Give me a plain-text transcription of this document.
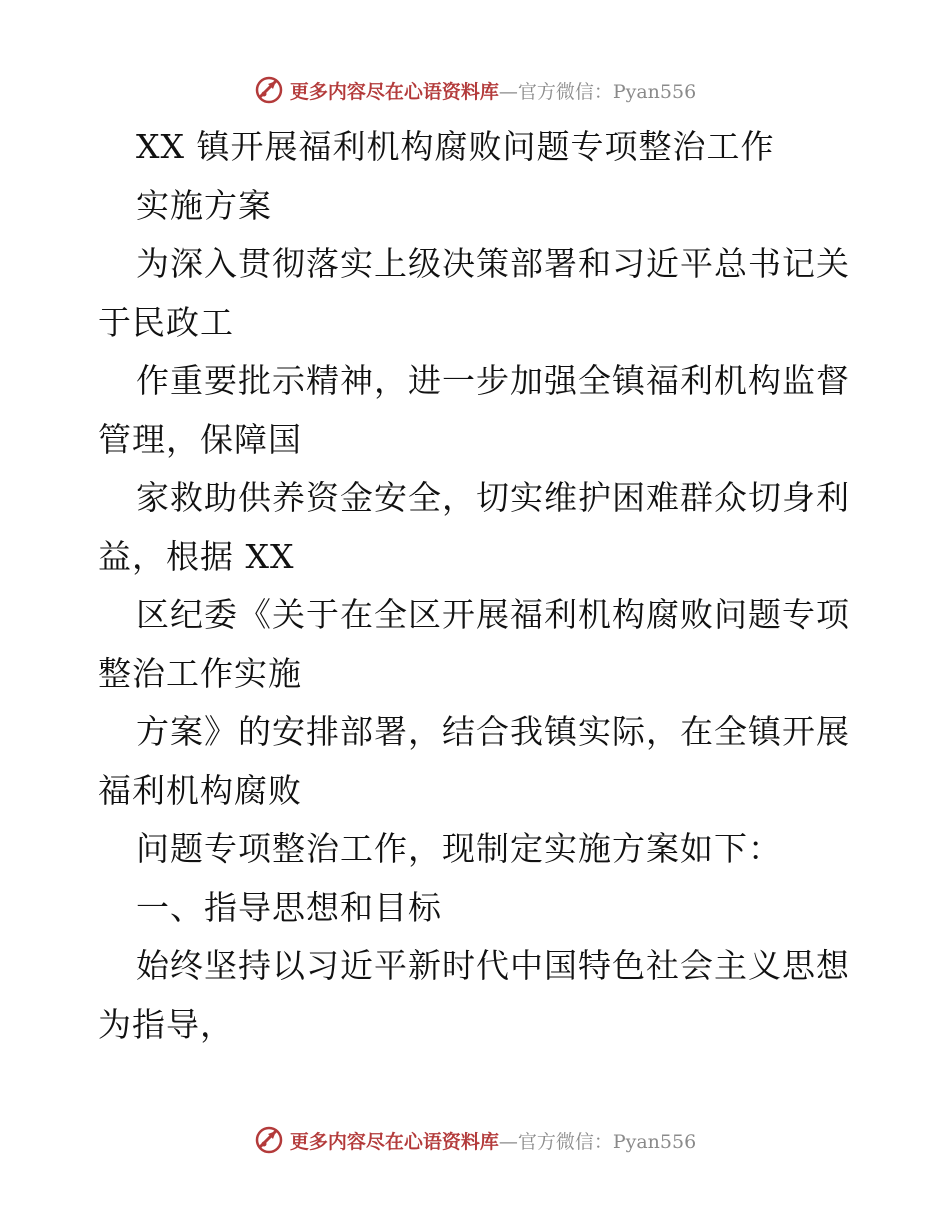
更多内容尽在心语资料库—官方微信：Pyan556
XX 镇开展福利机构腐败问题专项整治工作
实施方案
为深入贯彻落实上级决策部署和习近平总书记关
于民政工
作重要批示精神，进一步加强全镇福利机构监督
管理，保障国
家救助供养资金安全，切实维护困难群众切身利
益，根据 XX
区纪委《关于在全区开展福利机构腐败问题专项
整治工作实施
方案》的安排部署，结合我镇实际，在全镇开展
福利机构腐败
问题专项整治工作，现制定实施方案如下：
一、指导思想和目标
始终坚持以习近平新时代中国特色社会主义思想
为指导，
更多内容尽在心语资料库—官方微信：Pyan556
